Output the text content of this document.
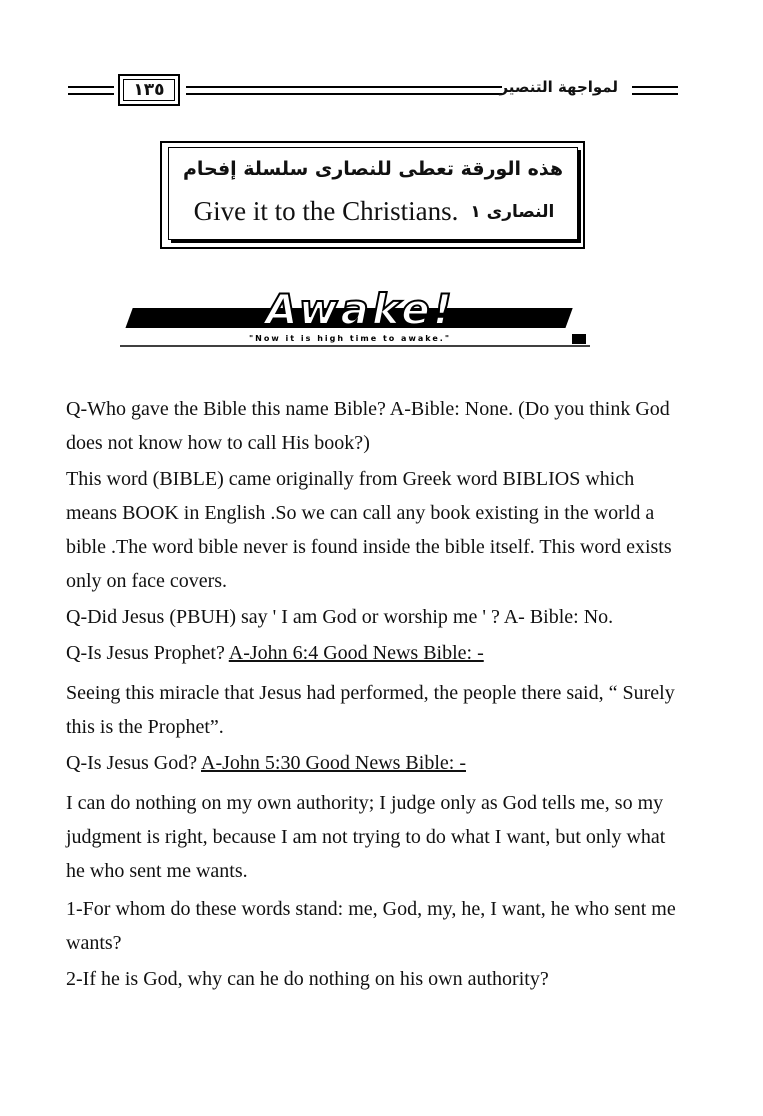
١٣٥	لمواجهة التنصير
هذه الورقة تعطى للنصارى سلسلة إفحام
Give it to the Christians. النصارى ١
Awake!
"Now it is high time to awake."
Q-Who gave the Bible this name Bible? A-Bible: None. (Do you think God does not know how to call His book?)
This word (BIBLE) came originally from Greek word BIBLIOS which means BOOK in English .So we can call any book existing in the world a bible .The word bible never is found inside the bible itself. This word exists only on face covers.
Q-Did Jesus (PBUH) say ' I am God or worship me ' ? A- Bible: No.
Q-Is Jesus Prophet? A-John 6:4 Good News Bible: -
Seeing this miracle that Jesus had performed, the people there said, “ Surely this is the Prophet”.
Q-Is Jesus God? A-John 5:30 Good News Bible: -
I can do nothing on my own authority; I judge only as God tells me, so my judgment is right, because I am not trying to do what I want, but only what he who sent me wants.
1-For whom do these words stand: me, God, my, he, I want, he who sent me wants?
2-If he is God, why can he do nothing on his own authority?
